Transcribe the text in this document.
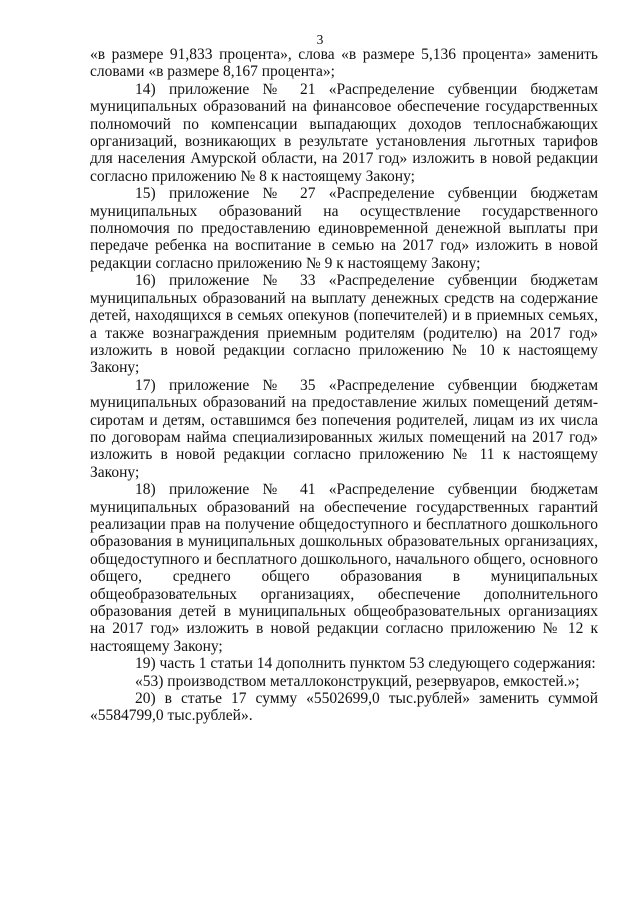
3

«в размере 91,833 процента», слова «в размере 5,136 процента» заменить словами «в размере 8,167 процента»;

14) приложение № 21 «Распределение субвенции бюджетам муниципальных образований на финансовое обеспечение государственных полномочий по компенсации выпадающих доходов теплоснабжающих организаций, возникающих в результате установления льготных тарифов для населения Амурской области, на 2017 год» изложить в новой редакции согласно приложению № 8 к настоящему Закону;

15) приложение № 27 «Распределение субвенции бюджетам муниципальных образований на осуществление государственного полномочия по предоставлению единовременной денежной выплаты при передаче ребенка на воспитание в семью на 2017 год» изложить в новой редакции согласно приложению № 9 к настоящему Закону;

16) приложение № 33 «Распределение субвенции бюджетам муниципальных образований на выплату денежных средств на содержание детей, находящихся в семьях опекунов (попечителей) и в приемных семьях, а также вознаграждения приемным родителям (родителю) на 2017 год» изложить в новой редакции согласно приложению № 10 к настоящему Закону;

17) приложение № 35 «Распределение субвенции бюджетам муниципальных образований на предоставление жилых помещений детям-сиротам и детям, оставшимся без попечения родителей, лицам из их числа по договорам найма специализированных жилых помещений на 2017 год» изложить в новой редакции согласно приложению № 11 к настоящему Закону;

18) приложение № 41 «Распределение субвенции бюджетам муниципальных образований на обеспечение государственных гарантий реализации прав на получение общедоступного и бесплатного дошкольного образования в муниципальных дошкольных образовательных организациях, общедоступного и бесплатного дошкольного, начального общего, основного общего, среднего общего образования в муниципальных общеобразовательных организациях, обеспечение дополнительного образования детей в муниципальных общеобразовательных организациях на 2017 год» изложить в новой редакции согласно приложению № 12 к настоящему Закону;

19) часть 1 статьи 14 дополнить пунктом 53 следующего содержания:

«53) производством металлоконструкций, резервуаров, емкостей.»;

20) в статье 17 сумму «5502699,0 тыс.рублей» заменить суммой «5584799,0 тыс.рублей».
